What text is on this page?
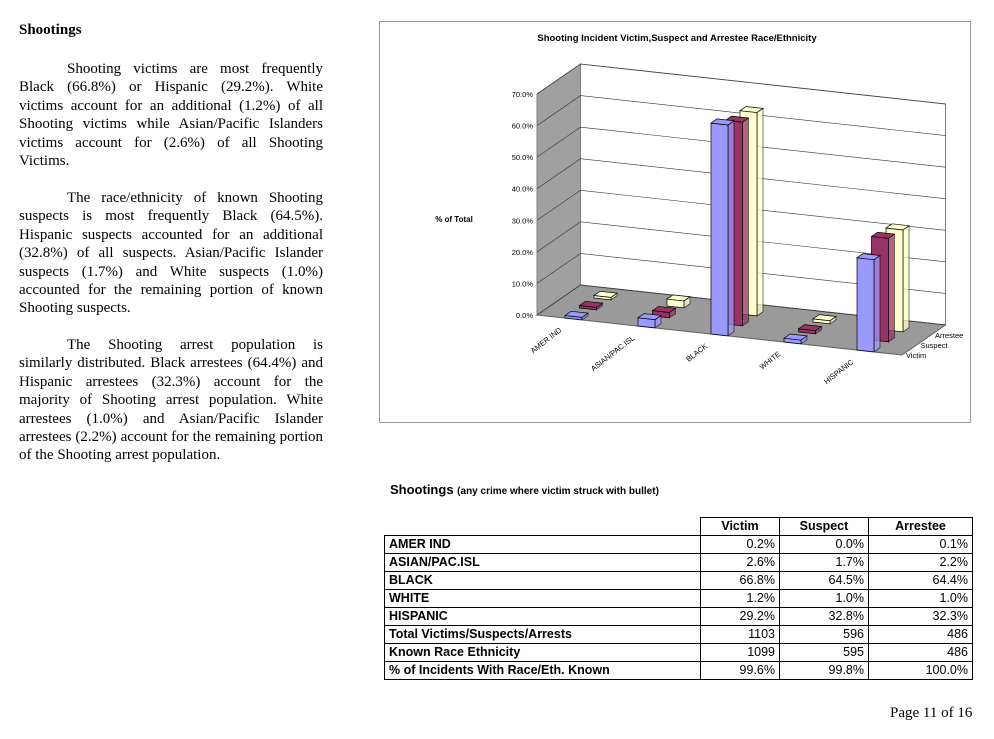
Shootings

Shooting victims are most frequently Black (66.8%) or Hispanic (29.2%). White victims account for an additional (1.2%) of all Shooting victims while Asian/Pacific Islanders victims account for (2.6%) of all Shooting Victims.

The race/ethnicity of known Shooting suspects is most frequently Black (64.5%). Hispanic suspects accounted for an additional (32.8%) of all suspects. Asian/Pacific Islander suspects (1.7%) and White suspects (1.0%) accounted for the remaining portion of known Shooting suspects.

The Shooting arrest population is similarly distributed. Black arrestees (64.4%) and Hispanic arrestees (32.3%) account for the majority of Shooting arrest population. White arrestees (1.0%) and Asian/Pacific Islander arrestees (2.2%) account for the remaining portion of the Shooting arrest population.

0.0%
10.0%
20.0%
30.0%
40.0%
50.0%
60.0%
70.0%
AMER IND	ASIAN/PAC.ISL	BLACK	WHITE	HISPANIC
Victim
Suspect
Arrestee
% of Total
Shooting Incident Victim,Suspect and Arrestee Race/Ethnicity
Shootings (any crime where victim struck with bullet)
	Victim	Suspect	Arrestee
AMER IND	0.2%	0.0%	0.1%
ASIAN/PAC.ISL	2.6%	1.7%	2.2%
BLACK	66.8%	64.5%	64.4%
WHITE	1.2%	1.0%	1.0%
HISPANIC	29.2%	32.8%	32.3%
Total Victims/Suspects/Arrests	1103	596	486
Known Race Ethnicity	1099	595	486
% of Incidents With Race/Eth. Known	99.6%	99.8%	100.0%
Page 11 of 16
